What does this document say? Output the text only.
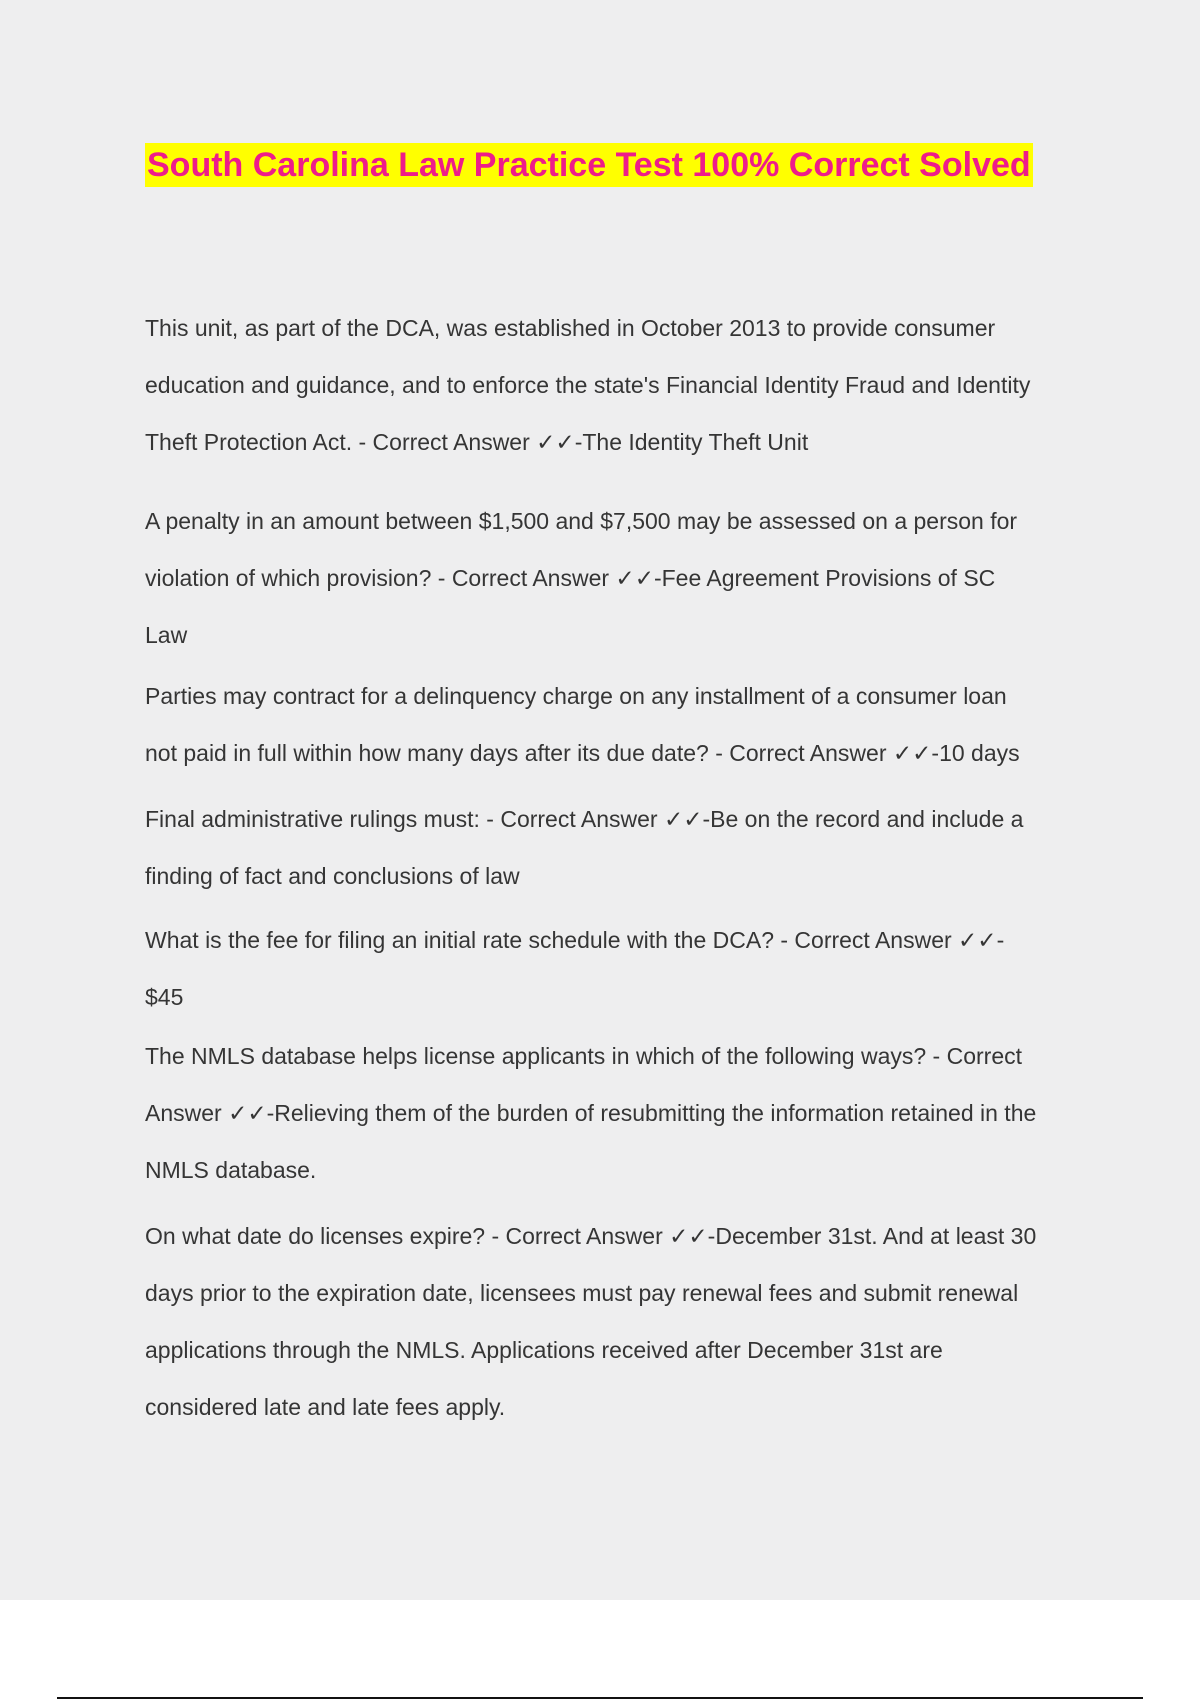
South Carolina Law Practice Test 100% Correct Solved

This unit, as part of the DCA, was established in October 2013 to provide consumer
education and guidance, and to enforce the state's Financial Identity Fraud and Identity
Theft Protection Act. - Correct Answer ✓✓-The Identity Theft Unit

A penalty in an amount between $1,500 and $7,500 may be assessed on a person for
violation of which provision? - Correct Answer ✓✓-Fee Agreement Provisions of SC
Law

Parties may contract for a delinquency charge on any installment of a consumer loan
not paid in full within how many days after its due date? - Correct Answer ✓✓-10 days

Final administrative rulings must: - Correct Answer ✓✓-Be on the record and include a
finding of fact and conclusions of law

What is the fee for filing an initial rate schedule with the DCA? - Correct Answer ✓✓-
$45

The NMLS database helps license applicants in which of the following ways? - Correct
Answer ✓✓-Relieving them of the burden of resubmitting the information retained in the
NMLS database.

On what date do licenses expire? - Correct Answer ✓✓-December 31st. And at least 30
days prior to the expiration date, licensees must pay renewal fees and submit renewal
applications through the NMLS. Applications received after December 31st are
considered late and late fees apply.
